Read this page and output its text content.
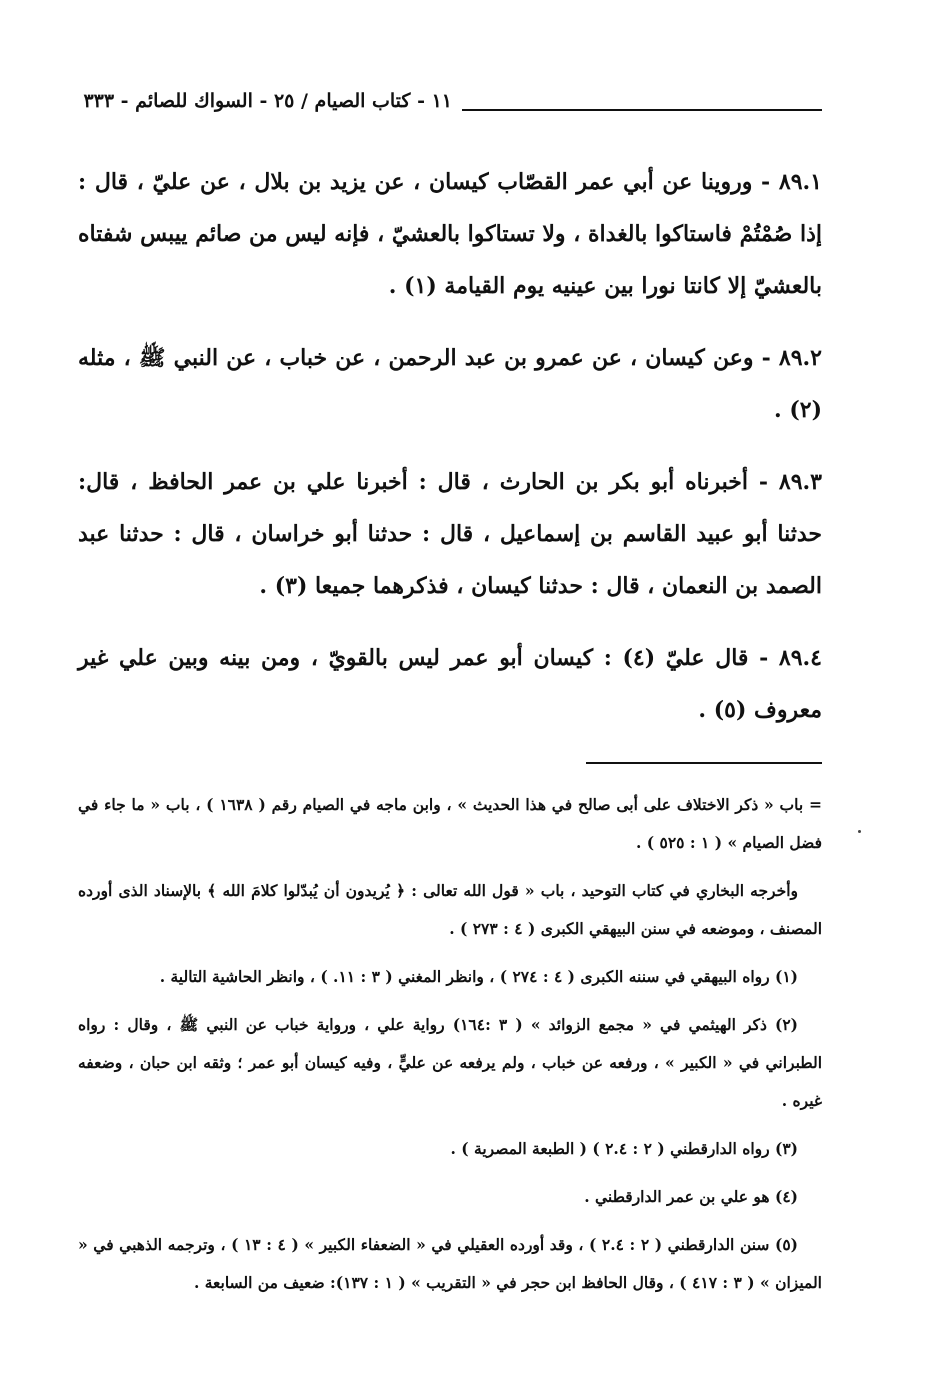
١١ - كتاب الصيام / ٢٥ - السواك للصائم - ٣٣٣

٨٩.١ - وروينا عن أبي عمر القصّاب كيسان ، عن يزيد بن بلال ، عن عليّ ، قال : إذا صُمْتُمْ فاستاكوا بالغداة ، ولا تستاكوا بالعشيّ ، فإنه ليس من صائم ييبس شفتاه بالعشيّ إلا كانتا نورا بين عينيه يوم القيامة (١) .

٨٩.٢ - وعن كيسان ، عن عمرو بن عبد الرحمن ، عن خباب ، عن النبي ﷺ ، مثله (٢) .

٨٩.٣ - أخبرناه أبو بكر بن الحارث ، قال : أخبرنا علي بن عمر الحافظ ، قال: حدثنا أبو عبيد القاسم بن إسماعيل ، قال : حدثنا أبو خراسان ، قال : حدثنا عبد الصمد بن النعمان ، قال : حدثنا كيسان ، فذكرهما جميعا (٣) .

٨٩.٤ - قال عليّ (٤) : كيسان أبو عمر ليس بالقويّ ، ومن بينه وبين علي غير معروف (٥) .

= باب « ذكر الاختلاف على أبى صالح في هذا الحديث » ، وابن ماجه في الصيام رقم ( ١٦٣٨ ) ، باب « ما جاء في فضل الصيام » ( ١ : ٥٢٥ ) .

وأخرجه البخاري في كتاب التوحيد ، باب « قول الله تعالى : ﴿ يُريدون أن يُبدّلوا كلامَ الله ﴾ بالإسناد الذى أورده المصنف ، وموضعه في سنن البيهقي الكبرى ( ٤ : ٢٧٣ ) .

(١) رواه البيهقي في سننه الكبرى ( ٤ : ٢٧٤ ) ، وانظر المغني ( ٣ : ١١. ) ، وانظر الحاشية التالية .

(٢) ذكر الهيثمي في « مجمع الزوائد » ( ٣ :١٦٤) رواية علي ، ورواية خباب عن النبي ﷺ ، وقال : رواه الطبراني في « الكبير » ، ورفعه عن خباب ، ولم يرفعه عن عليٍّ ، وفيه كيسان أبو عمر ؛ وثقه ابن حبان ، وضعفه غيره .

(٣) رواه الدارقطني ( ٢ : ٢.٤ ) ( الطبعة المصرية ) .

(٤) هو علي بن عمر الدارقطني .

(٥) سنن الدارقطني ( ٢ : ٢.٤ ) ، وقد أورده العقيلي في « الضعفاء الكبير » ( ٤ : ١٣ ) ، وترجمه الذهبي في « الميزان » ( ٣ : ٤١٧ ) ، وقال الحافظ ابن حجر في « التقريب » ( ١ : ١٣٧): ضعيف من السابعة .
